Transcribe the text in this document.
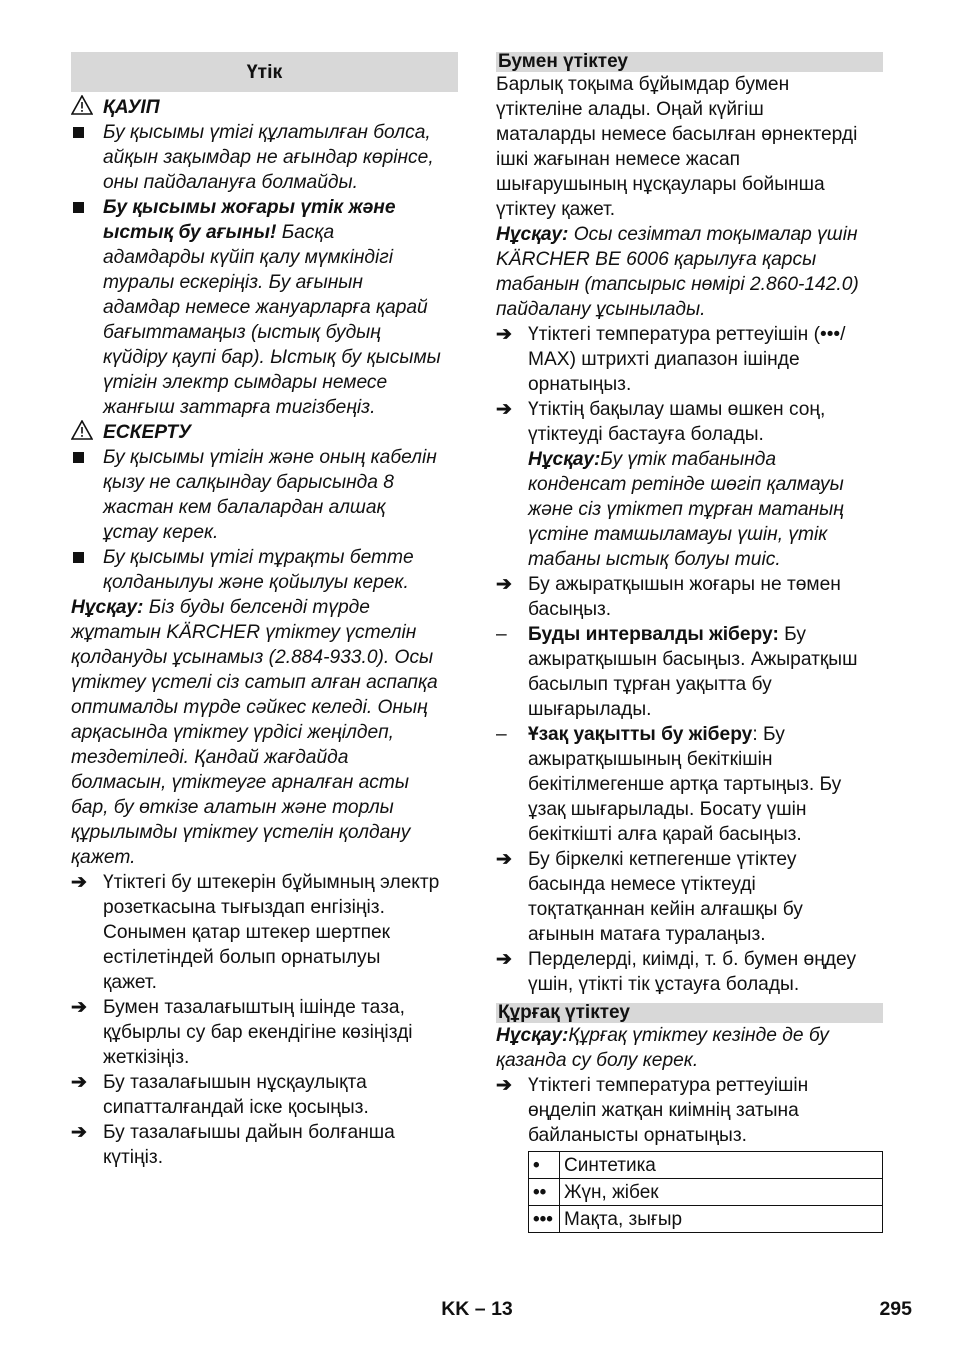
Үтік
ҚАУІП
Бу қысымы үтігі құлатылған болса,
айқын зақымдар не ағындар көрінсе,
оны пайдалануға болмайды.
Бу қысымы жоғары үтік және
ыстық бу ағыны! Басқа
адамдарды күйіп қалу мүмкіндігі
туралы ескеріңіз. Бу ағынын
адамдар немесе жануарларға қарай
бағыттамаңыз (ыстық будың
күйдіру қаупі бар). Ыстық бу қысымы
үтігін электр сымдары немесе
жанғыш заттарға тигізбеңіз.
ЕСКЕРТУ
Бу қысымы үтігін және оның кабелін
қызу не салқындау барысында 8
жастан кем балалардан алшақ
ұстау керек.
Бу қысымы үтігі тұрақты бетте
қолданылуы және қойылуы керек.
Нұсқау: Біз буды белсенді түрде
жұтатын KÄRCHER үтіктеу үстелін
қолдануды ұсынамыз (2.884-933.0). Осы
үтіктеу үстелі сіз сатып алған аспапқа
оптималды түрде сәйкес келеді. Оның
арқасында үтіктеу үрдісі жеңілдеп,
тездетіледі. Қандай жағдайда
болмасын, үтіктеуге арналған асты
бар, бу өткізе алатын және торлы
құрылымды үтіктеу үстелін қолдану
қажет.
➔ Үтіктегі бу штекерін бұйымның электр
розеткасына тығыздап енгізіңіз.
Сонымен қатар штекер шертпек
естілетіндей болып орнатылуы
қажет.
➔ Бумен тазалағыштың ішінде таза,
құбырлы су бар екендігіне көзіңізді
жеткізіңіз.
➔ Бу тазалағышын нұсқаулықта
сипатталғандай іске қосыңыз.
➔ Бу тазалағышы дайын болғанша
күтіңіз.
Бумен үтіктеу
Барлық тоқыма бұйымдар бумен
үтіктеліне алады. Оңай күйгіш
маталарды немесе басылған өрнектерді
ішкі жағынан немесе жасап
шығарушының нұсқаулары бойынша
үтіктеу қажет.
Нұсқау: Осы сезімтал тоқымалар үшін
KÄRCHER BE 6006 қарылуға қарсы
табанын (тапсырыс нөмірі 2.860-142.0)
пайдалану ұсынылады.
➔ Үтіктегі температура реттеуішін (•••/
MAX) штрихті диапазон ішінде
орнатыңыз.
➔ Үтіктің бақылау шамы өшкен соң,
үтіктеуді бастауға болады.
Нұсқау:Бу үтік табанында
конденсат ретінде шөгіп қалмауы
және сіз үтіктеп тұрған матаның
үстіне тамшыламауы үшін, үтік
табаны ыстық болуы тиіс.
➔ Бу ажыратқышын жоғары не төмен
басыңыз.
–	Буды интервалды жіберу: Бу
ажыратқышын басыңыз. Ажыратқыш
басылып тұрған уақытта бу
шығарылады.
–	Ұзақ уақытты бу жіберу: Бу
ажыратқышының бекіткішін
бекітілмегенше артқа тартыңыз. Бу
ұзақ шығарылады. Босату үшін
бекіткішті алға қарай басыңыз.
➔ Бу біркелкі кетпегенше үтіктеу
басында немесе үтіктеуді
тоқтатқаннан кейін алғашқы бу
ағынын матаға туралаңыз.
➔ Перделерді, киімді, т. б. бумен өңдеу
үшін, үтікті тік ұстауға болады.
Құрғақ үтіктеу
Нұсқау:Құрғақ үтіктеу кезінде де бу
қазанда су болу керек.
➔ Үтіктегі температура реттеуішін
өңделіп жатқан киімнің затына
байланысты орнатыңыз.
•	Синтетика
••	Жүн, жібек
•••	Мақта, зығыр
KK – 13	295
